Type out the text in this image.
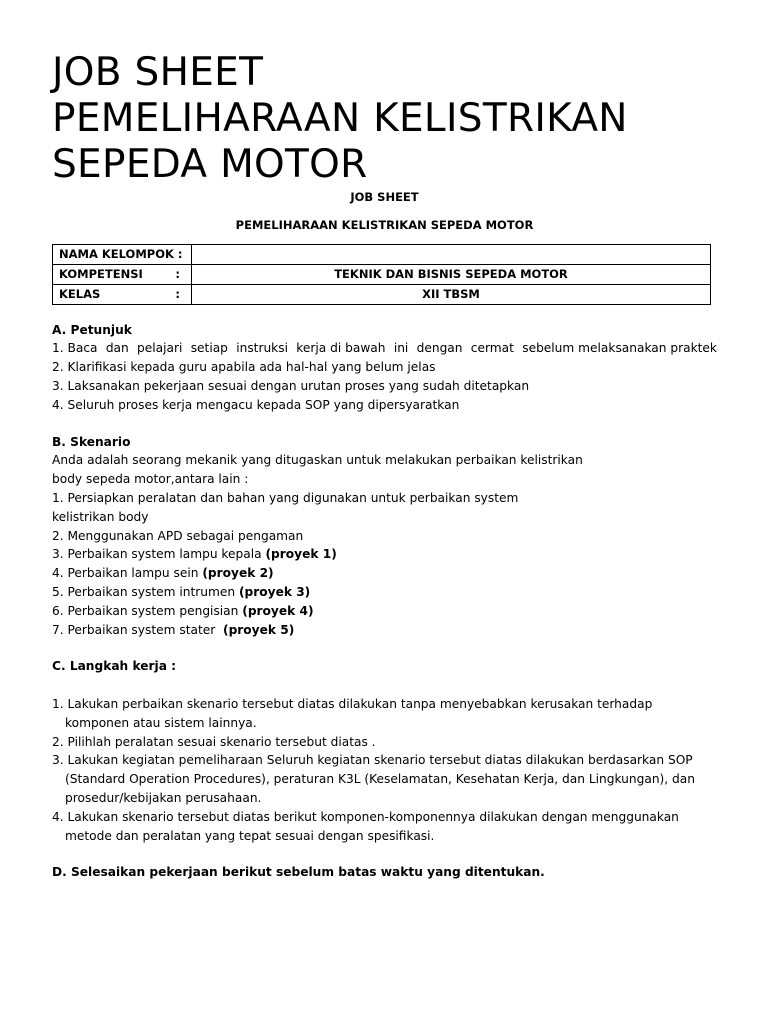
JOB SHEET
PEMELIHARAAN KELISTRIKAN
SEPEDA MOTOR
JOB SHEET
PEMELIHARAAN KELISTRIKAN SEPEDA MOTOR
NAMA KELOMPOK :	
KOMPETENSI :	TEKNIK DAN BISNIS SEPEDA MOTOR
KELAS :	XII TBSM
A. Petunjuk
1. Baca dan pelajari setiap instruksi kerja di bawah ini dengan cermat sebelum melaksanakan praktek
2. Klarifikasi kepada guru apabila ada hal-hal yang belum jelas
3. Laksanakan pekerjaan sesuai dengan urutan proses yang sudah ditetapkan
4. Seluruh proses kerja mengacu kepada SOP yang dipersyaratkan
B. Skenario
Anda adalah seorang mekanik yang ditugaskan untuk melakukan perbaikan kelistrikan
body sepeda motor,antara lain :
1. Persiapkan peralatan dan bahan yang digunakan untuk perbaikan system
kelistrikan body
2. Menggunakan APD sebagai pengaman
3. Perbaikan system lampu kepala (proyek 1)
4. Perbaikan lampu sein (proyek 2)
5. Perbaikan system intrumen (proyek 3)
6. Perbaikan system pengisian (proyek 4)
7. Perbaikan system stater  (proyek 5)
C. Langkah kerja :
1. Lakukan perbaikan skenario tersebut diatas dilakukan tanpa menyebabkan kerusakan terhadap komponen atau sistem lainnya.
2. Pilihlah peralatan sesuai skenario tersebut diatas .
3. Lakukan kegiatan pemeliharaan Seluruh kegiatan skenario tersebut diatas dilakukan berdasarkan SOP (Standard Operation Procedures), peraturan K3L (Keselamatan, Kesehatan Kerja, dan Lingkungan), dan prosedur/kebijakan perusahaan.
4. Lakukan skenario tersebut diatas berikut komponen-komponennya dilakukan dengan menggunakan metode dan peralatan yang tepat sesuai dengan spesifikasi.
D. Selesaikan pekerjaan berikut sebelum batas waktu yang ditentukan.
